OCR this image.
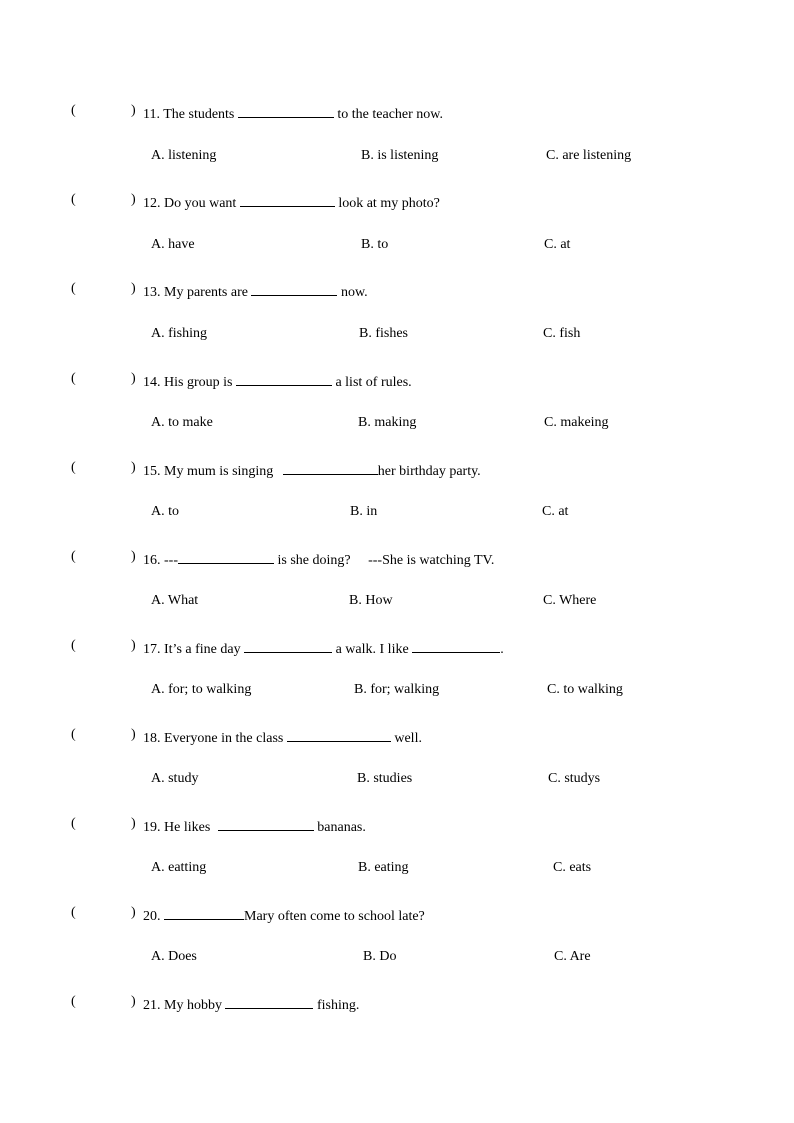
(	) 11. The students	to the teacher now.
A. listening	B. is listening	C. are listening
(	) 12. Do you want	look at my photo?
A. have	B. to	C. at
(	) 13. My parents are	now.
A. fishing	B. fishes	C. fish
(	) 14. His group is	a list of rules.
A. to make	B. making	C. makeing
(	) 15. My mum is singing	her birthday party.
A. to	B. in	C. at
(	) 16. ---	is she doing?     ---She is watching TV.
A. What	B. How	C. Where
(	) 17. It’s a fine day	a walk. I like	.
A. for; to walking	B. for; walking	C. to walking
(	) 18. Everyone in the class	well.
A. study	B. studies	C. studys
(	) 19. He likes	bananas.
A. eatting	B. eating	C. eats
(	) 20.	Mary often come to school late?
A. Does	B. Do	C. Are
(	) 21. My hobby	fishing.
